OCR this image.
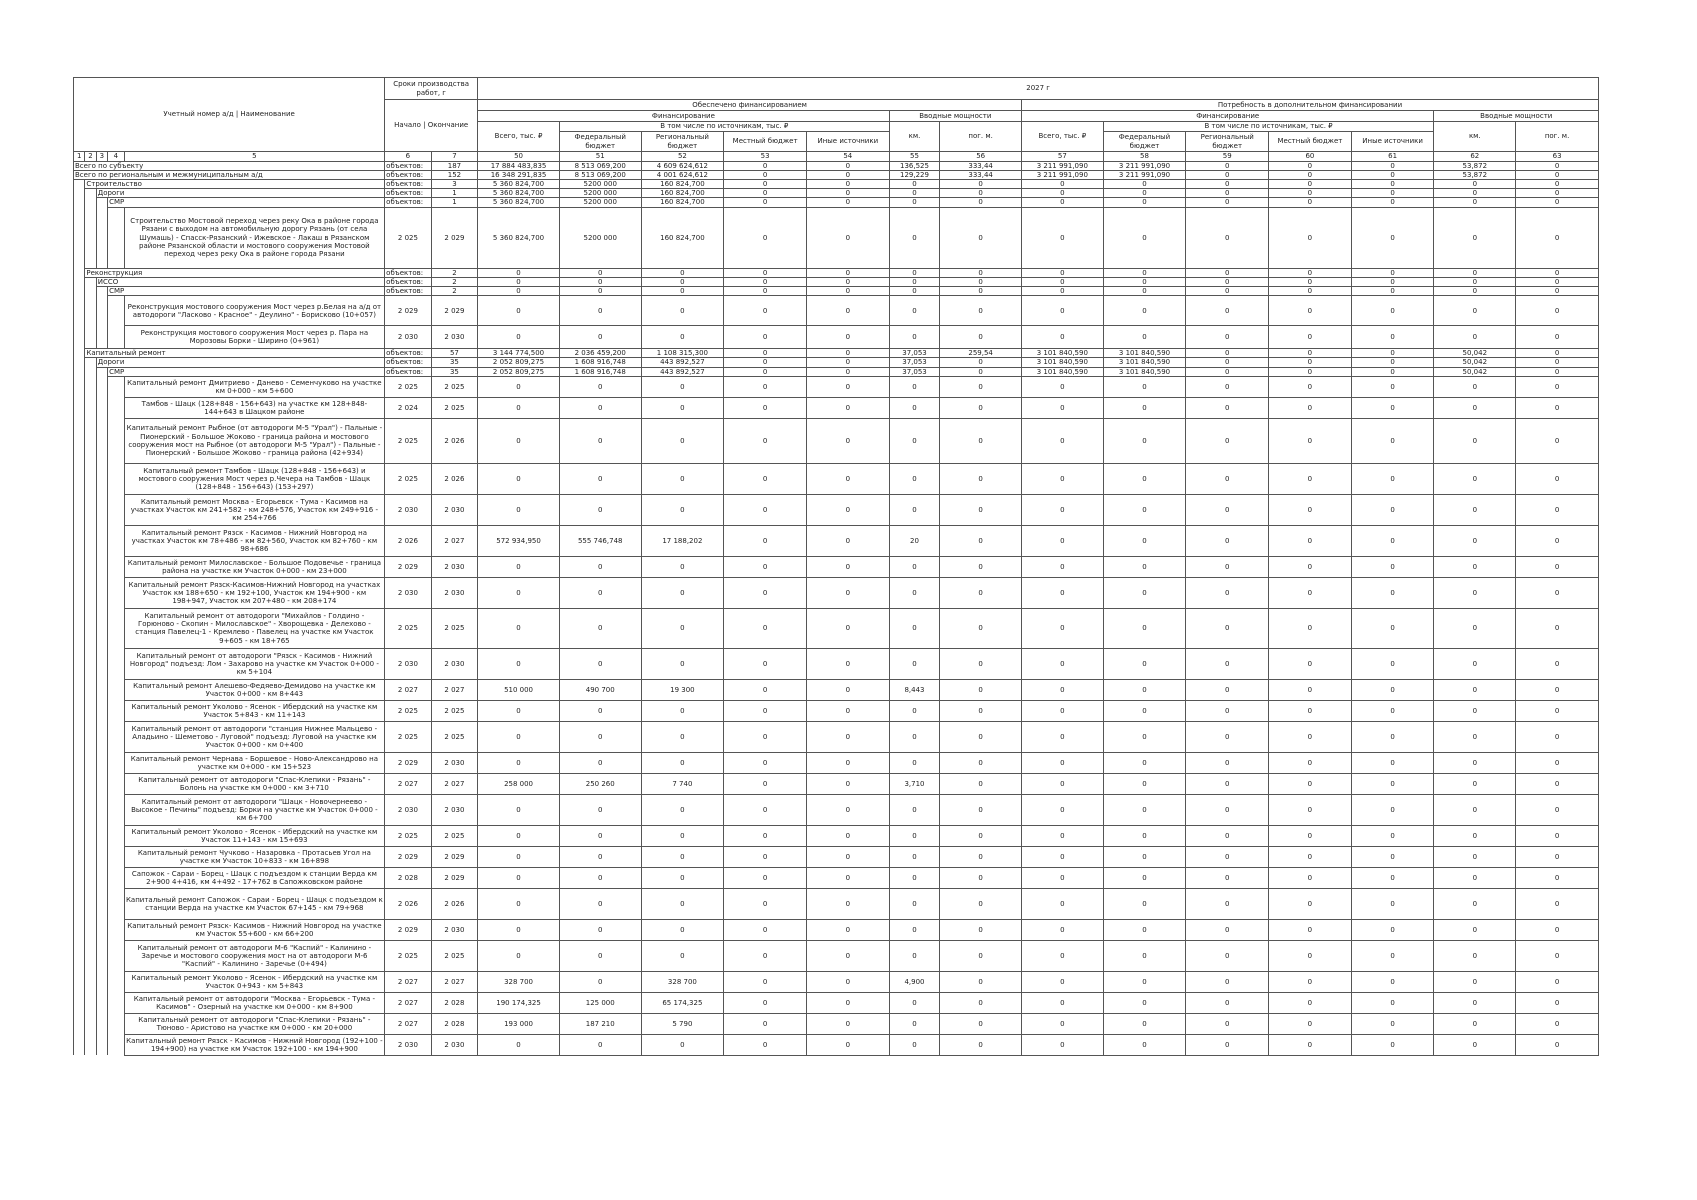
Учетный номер а/д | Наименование					Сроки производства работ, г		2027 г													
					Начало | Окончание		Обеспечено финансированием							Потребность в дополнительном финансировании						
							Финансирование					Вводные мощности		Финансирование					Вводные мощности	
							Всего, тыс. ₽	В том числе по источникам, тыс. ₽				км.	пог. м.	Всего, тыс. ₽	В том числе по источникам, тыс. ₽				км.	пог. м.
								Федеральный бюджет	Региональный бюджет	Местный бюджет	Иные источники				Федеральный бюджет	Региональный бюджет	Местный бюджет	Иные источники		
1	2	3	4	5	6	7	50	51	52	53	54	55	56	57	58	59	60	61	62	63
Всего по субъекту					объектов:	187	17 884 483,835	8 513 069,200	4 609 624,612	0	0	136,525	333,44	3 211 991,090	3 211 991,090	0	0	0	53,872	0
Всего по региональным и межмуниципальным а/д					объектов:	152	16 348 291,835	8 513 069,200	4 001 624,612	0	0	129,229	333,44	3 211 991,090	3 211 991,090	0	0	0	53,872	0
	Строительство				объектов:	3	5 360 824,700	5200 000	160 824,700	0	0	0	0	0	0	0	0	0	0	0
		Дороги			объектов:	1	5 360 824,700	5200 000	160 824,700	0	0	0	0	0	0	0	0	0	0	0
			СМР		объектов:	1	5 360 824,700	5200 000	160 824,700	0	0	0	0	0	0	0	0	0	0	0
				Строительство Мостовой переход через реку Ока в районе города Рязани с выходом на автомобильную дорогу Рязань (от села Шумашь) - Спасск-Рязанский - Ижевское - Лакаш в Рязанском районе Рязанской области и мостового сооружения Мостовой переход через реку Ока в районе города Рязани	2 025	2 029	5 360 824,700	5200 000	160 824,700	0	0	0	0	0	0	0	0	0	0	0
	Реконструкция				объектов:	2	0	0	0	0	0	0	0	0	0	0	0	0	0	0
		ИССО			объектов:	2	0	0	0	0	0	0	0	0	0	0	0	0	0	0
			СМР		объектов:	2	0	0	0	0	0	0	0	0	0	0	0	0	0	0
				Реконструкция мостового сооружения Мост через р.Белая на а/д от автодороги "Ласково - Красное" - Деулино" - Борисково (10+057)	2 029	2 029	0	0	0	0	0	0	0	0	0	0	0	0	0	0
				Реконструкция мостового сооружения Мост через р. Пара на Морозовы Борки - Ширино (0+961)	2 030	2 030	0	0	0	0	0	0	0	0	0	0	0	0	0	0
	Капитальный ремонт				объектов:	57	3 144 774,500	2 036 459,200	1 108 315,300	0	0	37,053	259,54	3 101 840,590	3 101 840,590	0	0	0	50,042	0
		Дороги			объектов:	35	2 052 809,275	1 608 916,748	443 892,527	0	0	37,053	0	3 101 840,590	3 101 840,590	0	0	0	50,042	0
			СМР		объектов:	35	2 052 809,275	1 608 916,748	443 892,527	0	0	37,053	0	3 101 840,590	3 101 840,590	0	0	0	50,042	0
				Капитальный ремонт Дмитриево - Данево - Семенчуково на участке км 0+000 - км 5+600	2 025	2 025	0	0	0	0	0	0	0	0	0	0	0	0	0	0
				Тамбов - Шацк (128+848 - 156+643) на участке км 128+848-144+643 в Шацком районе	2 024	2 025	0	0	0	0	0	0	0	0	0	0	0	0	0	0
				Капитальный ремонт Рыбное (от автодороги М-5 "Урал") - Пальные - Пионерский - Большое Жоково - граница района и мостового сооружения мост на Рыбное (от автодороги М-5 "Урал") - Пальные - Пионерский - Большое Жоково - граница района (42+934)	2 025	2 026	0	0	0	0	0	0	0	0	0	0	0	0	0	0
				Капитальный ремонт Тамбов - Шацк (128+848 - 156+643) и мостового сооружения Мост через р.Чечера на Тамбов - Шацк (128+848 - 156+643) (153+297)	2 025	2 026	0	0	0	0	0	0	0	0	0	0	0	0	0	0
				Капитальный ремонт Москва - Егорьевск - Тума - Касимов на участках Участок км 241+582 - км 248+576, Участок км 249+916 - км 254+766	2 030	2 030	0	0	0	0	0	0	0	0	0	0	0	0	0	0
				Капитальный ремонт Рязск - Касимов - Нижний Новгород на участках Участок км 78+486 - км 82+560, Участок км 82+760 - км 98+686	2 026	2 027	572 934,950	555 746,748	17 188,202	0	0	20	0	0	0	0	0	0	0	0
				Капитальный ремонт Милославское - Большое Подовечье - граница района на участке км Участок 0+000 - км 23+000	2 029	2 030	0	0	0	0	0	0	0	0	0	0	0	0	0	0
				Капитальный ремонт Рязск-Касимов-Нижний Новгород на участках Участок км 188+650 - км 192+100, Участок км 194+900 - км 198+947, Участок км 207+480 - км 208+174	2 030	2 030	0	0	0	0	0	0	0	0	0	0	0	0	0	0
				Капитальный ремонт от автодороги "Михайлов - Голдино - Горюново - Скопин - Милославское" - Хворощевка - Делехово - станция Павелец-1 - Кремлево - Павелец на участке км Участок 9+605 - км 18+765	2 025	2 025	0	0	0	0	0	0	0	0	0	0	0	0	0	0
				Капитальный ремонт от автодороги "Рязск - Касимов - Нижний Новгород" подъезд: Лом - Захарово на участке км Участок 0+000 - км 5+104	2 030	2 030	0	0	0	0	0	0	0	0	0	0	0	0	0	0
				Капитальный ремонт Алешево-Федяево-Демидово на участке км Участок 0+000 - км 8+443	2 027	2 027	510 000	490 700	19 300	0	0	8,443	0	0	0	0	0	0	0	0
				Капитальный ремонт Уколово - Ясенок - Ибердский на участке км Участок 5+843 - км 11+143	2 025	2 025	0	0	0	0	0	0	0	0	0	0	0	0	0	0
				Капитальный ремонт от автодороги "станция Нижнее Мальцево - Аладьино - Шеметово - Луговой" подъезд: Луговой на участке км Участок 0+000 - км 0+400	2 025	2 025	0	0	0	0	0	0	0	0	0	0	0	0	0	0
				Капитальный ремонт Чернава - Боршевое - Ново-Александрово на участке км 0+000 - км 15+523	2 029	2 030	0	0	0	0	0	0	0	0	0	0	0	0	0	0
				Капитальный ремонт от автодороги "Спас-Клепики - Рязань" - Болонь на участке км 0+000 - км 3+710	2 027	2 027	258 000	250 260	7 740	0	0	3,710	0	0	0	0	0	0	0	0
				Капитальный ремонт от автодороги "Шацк - Новочернеево - Высокое - Печины" подъезд: Борки на участке км Участок 0+000 - км 6+700	2 030	2 030	0	0	0	0	0	0	0	0	0	0	0	0	0	0
				Капитальный ремонт Уколово - Ясенок - Ибердский на участке км Участок 11+143 - км 15+693	2 025	2 025	0	0	0	0	0	0	0	0	0	0	0	0	0	0
				Капитальный ремонт Чучково - Назаровка - Протасьев Угол на участке км Участок 10+833 - км 16+898	2 029	2 029	0	0	0	0	0	0	0	0	0	0	0	0	0	0
				Сапожок - Сараи - Борец - Шацк с подъездом к станции Верда км 2+900 4+416, км 4+492 - 17+762 в Сапожковском районе	2 028	2 029	0	0	0	0	0	0	0	0	0	0	0	0	0	0
				Капитальный ремонт Сапожок - Сараи - Борец - Шацк с подъездом к станции Верда на участке км Участок 67+145 - км 79+968	2 026	2 026	0	0	0	0	0	0	0	0	0	0	0	0	0	0
				Капитальный ремонт Рязск- Касимов - Нижний Новгород на участке км Участок 55+600 - км 66+200	2 029	2 030	0	0	0	0	0	0	0	0	0	0	0	0	0	0
				Капитальный ремонт от автодороги М-6 "Каспий" - Калинино - Заречье и мостового сооружения мост на от автодороги М-6 "Каспий" - Калинино - Заречье (0+494)	2 025	2 025	0	0	0	0	0	0	0	0	0	0	0	0	0	0
				Капитальный ремонт Уколово - Ясенок - Ибердский на участке км Участок 0+943 - км 5+843	2 027	2 027	328 700	0	328 700	0	0	4,900	0	0	0	0	0	0	0	0
				Капитальный ремонт от автодороги "Москва - Егорьевск - Тума - Касимов" - Озерный на участке км 0+000 - км 8+900	2 027	2 028	190 174,325	125 000	65 174,325	0	0	0	0	0	0	0	0	0	0	0
				Капитальный ремонт от автодороги "Спас-Клепики - Рязань" - Тюново - Аристово на участке км 0+000 - км 20+000	2 027	2 028	193 000	187 210	5 790	0	0	0	0	0	0	0	0	0	0	0
				Капитальный ремонт Рязск - Касимов - Нижний Новгород (192+100 - 194+900) на участке км Участок 192+100 - км 194+900	2 030	2 030	0	0	0	0	0	0	0	0	0	0	0	0	0	0
